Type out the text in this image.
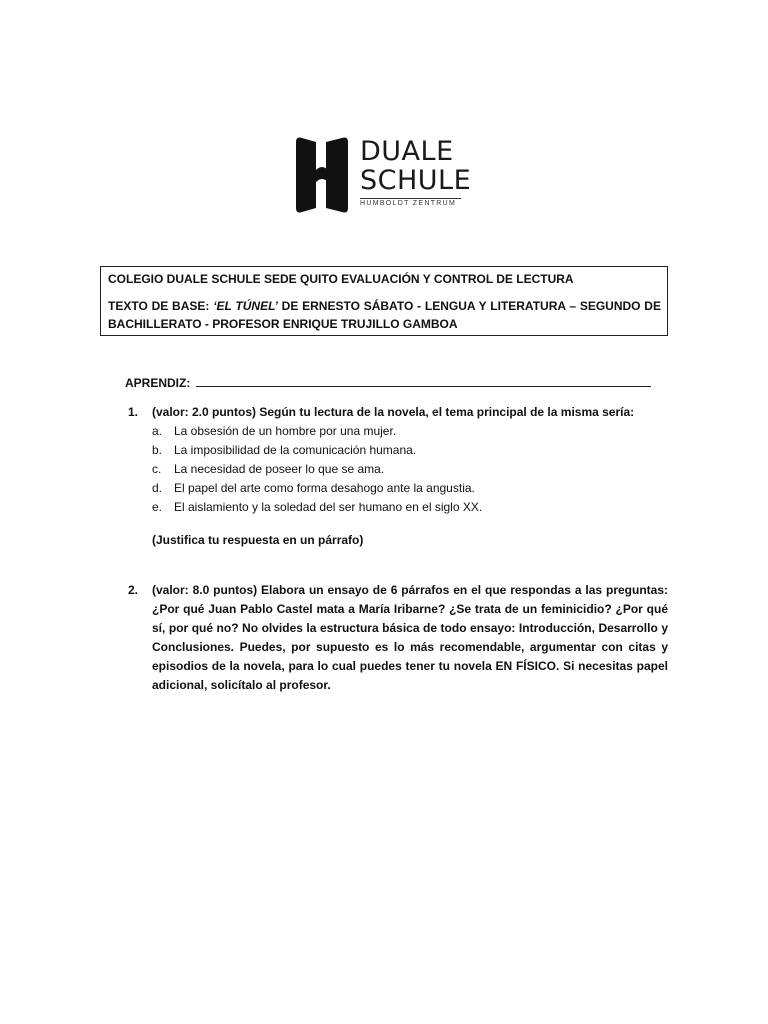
DUALE
SCHULE
HUMBOLDT ZENTRUM

COLEGIO DUALE SCHULE SEDE QUITO EVALUACIÓN Y CONTROL DE LECTURA

TEXTO DE BASE: ‘EL TÚNEL’ DE ERNESTO SÁBATO - LENGUA Y LITERATURA – SEGUNDO DE BACHILLERATO - PROFESOR ENRIQUE TRUJILLO GAMBOA

APRENDIZ:
1. (valor: 2.0 puntos) Según tu lectura de la novela, el tema principal de la misma sería:
a. La obsesión de un hombre por una mujer.
b. La imposibilidad de la comunicación humana.
c. La necesidad de poseer lo que se ama.
d. El papel del arte como forma desahogo ante la angustia.
e. El aislamiento y la soledad del ser humano en el siglo XX.
(Justifica tu respuesta en un párrafo)
2. (valor: 8.0 puntos) Elabora un ensayo de 6 párrafos en el que respondas a las preguntas: ¿Por qué Juan Pablo Castel mata a María Iribarne? ¿Se trata de un feminicidio? ¿Por qué sí, por qué no? No olvides la estructura básica de todo ensayo: Introducción, Desarrollo y Conclusiones. Puedes, por supuesto es lo más recomendable, argumentar con citas y episodios de la novela, para lo cual puedes tener tu novela EN FÍSICO. Si necesitas papel adicional, solicítalo al profesor.
